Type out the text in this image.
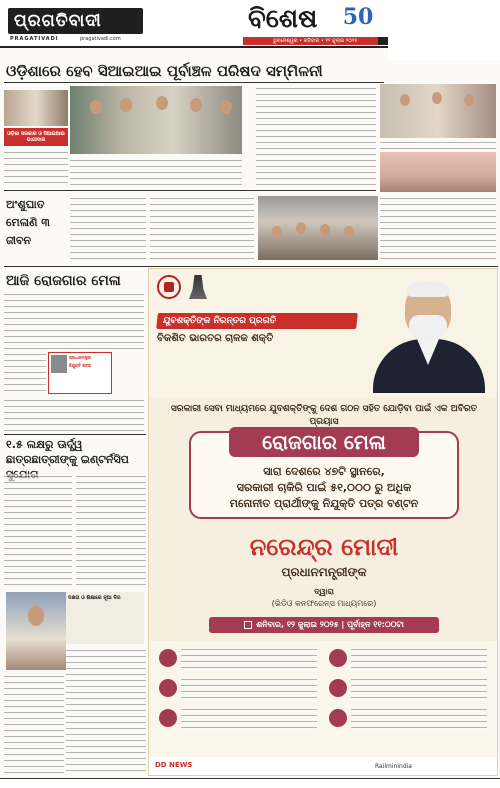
ପ୍ରଗତିବାଦୀ
PRAGATIVADI	pragativadi.com
ବିଶେଷ 50
ଭୁବନେଶ୍ୱର • ରବିବାର • ୧୨ ଜୁଲାଇ ୨୦୨୫
ଓଡ଼ିଶାରେ ହେବ ସିଆଇଆଇ ପୂର୍ବାଞ୍ଚଳ ପରିଷଦ ସମ୍ମିଳନୀ
ଓଡ଼ିଶା ସରକାର ଓ ସିଆଇଆଇ ଭାଗୀଦାର
ଅଂଶୁଘାତ ମେଳାଣି ୩ ଜୀବନ
ଆଜି ରୋଜଗାର ମେଳା
ପ୍ରଧାନମନ୍ତ୍ରୀ
ନିଯୁକ୍ତି ପତ୍ର
୧.୫ ଲକ୍ଷରୁ ଊର୍ଦ୍ଧ୍ୱ ଛାତ୍ରଛାତ୍ରୀଙ୍କୁ ଇଣ୍ଟର୍ନସିପ
ଦକ୍ଷତା ଓ ଶିକ୍ଷାରେ ନୂଆ ଦିଗ
ଯୁବଶକ୍ତିଙ୍କ ନିରନ୍ତର ପ୍ରଗତି
ବିକଶିତ ଭାରତର ଚାଳକ ଶକ୍ତି
ସରକାରୀ ସେବା ମାଧ୍ୟମରେ ଯୁବଶକ୍ତିଙ୍କୁ ଦେଶ ଗଠନ ସହିତ ଯୋଡ଼ିବା ପାଇଁ ଏକ ଅବିରତ ପ୍ରୟାସ
ରୋଜଗାର ମେଳା
ସାରା ଦେଶରେ ୪୭ଟି ସ୍ଥାନରେ,
ସରକାରୀ ଚାକିରି ପାଇଁ ୫୧,୦୦୦ ରୁ ଅଧିକ
ମନୋନୀତ ପ୍ରାର୍ଥୀଙ୍କୁ ନିଯୁକ୍ତି ପତ୍ର ବଣ୍ଟନ
ନରେନ୍ଦ୍ର ମୋଦୀ
ପ୍ରଧାନମନ୍ତ୍ରୀଙ୍କ
ଦ୍ୱାରା
(ଭିଡିଓ କନଫରେନ୍ସ ମାଧ୍ୟମରେ)
ଶନିବାର, ୧୨ ଜୁଲାଇ ୨୦୨୫ | ପୂର୍ବାହ୍ନ ୧୧:୦୦ଟା
DD NEWS	Railminindia
